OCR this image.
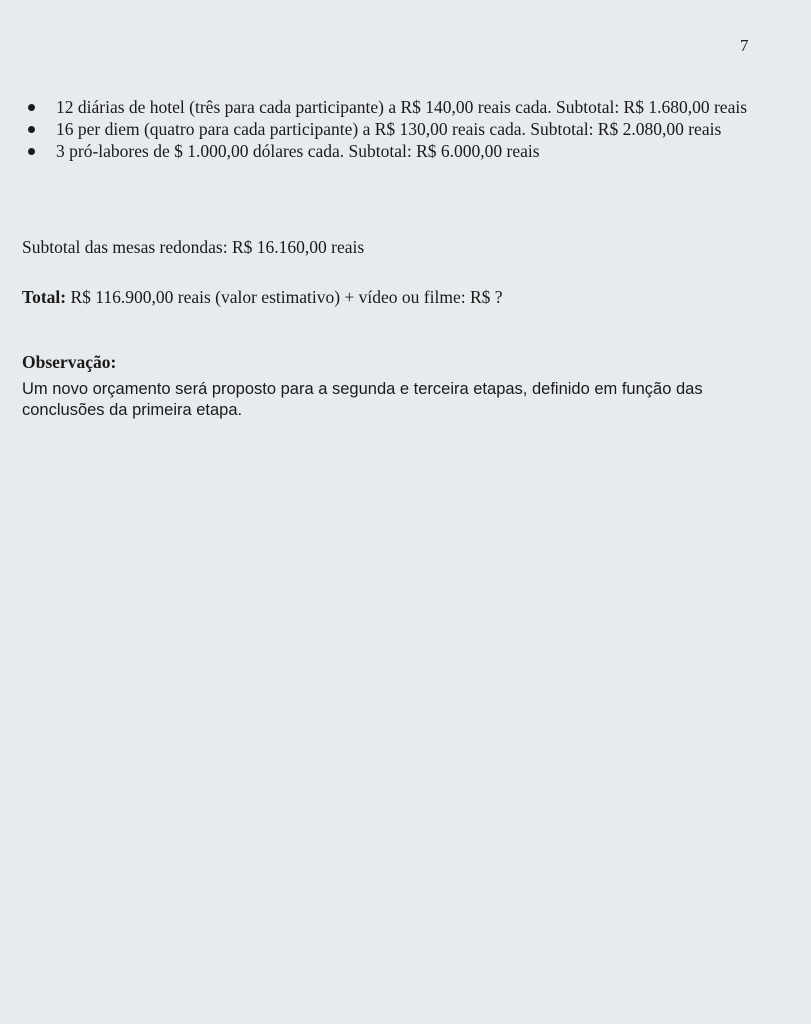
7
12 diárias de hotel (três para cada participante) a R$ 140,00 reais cada. Subtotal: R$ 1.680,00 reais
16 per diem (quatro para cada participante) a R$ 130,00 reais cada. Subtotal: R$ 2.080,00 reais
3 pró-labores de $ 1.000,00 dólares cada. Subtotal: R$ 6.000,00 reais
Subtotal das mesas redondas: R$ 16.160,00 reais
Total: R$ 116.900,00 reais (valor estimativo) + vídeo ou filme: R$ ?
Observação:
Um novo orçamento será proposto para a segunda e terceira etapas, definido em função das conclusões da primeira etapa.
